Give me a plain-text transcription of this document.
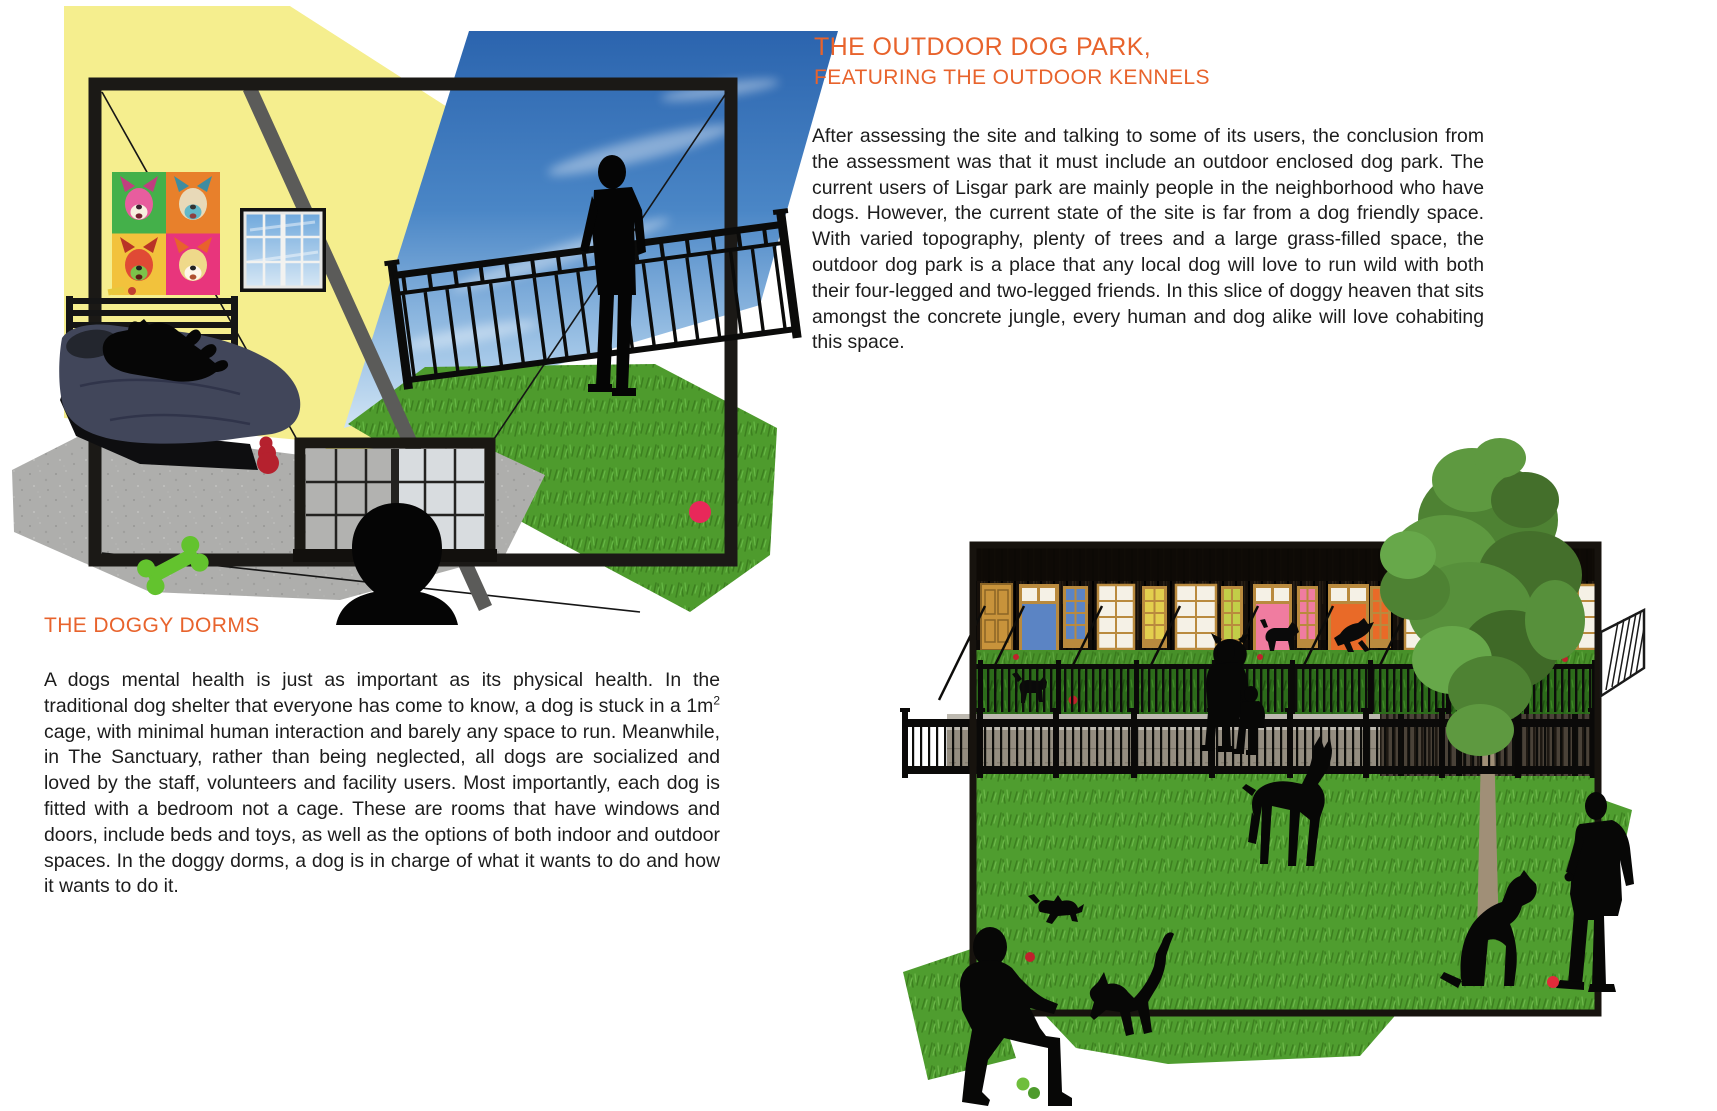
THE OUTDOOR DOG PARK,
FEATURING THE OUTDOOR KENNELS

After assessing the site and talking to some of its users, the conclusion from the assessment was that it must include an outdoor enclosed dog park. The current users of Lisgar park are mainly people in the neighborhood who have dogs. However, the current state of the site is far from a dog friendly space. With varied topography, plenty of trees and a large grass-filled space, the outdoor dog park is a place that any local dog will love to run wild with both their four-legged and two-legged friends. In this slice of doggy heaven that sits amongst the concrete jungle, every human and dog alike will love cohabiting this space.

THE DOGGY DORMS

A dogs mental health is just as important as its physical health. In the traditional dog shelter that everyone has come to know, a dog is stuck in a $1m^2$ cage, with minimal human interaction and barely any space to run. Meanwhile, in The Sanctuary, rather than being neglected, all dogs are socialized and loved by the staff, volunteers and facility users. Most importantly, each dog is fitted with a bedroom not a cage. These are rooms that have windows and doors, include beds and toys, as well as the options of both indoor and outdoor spaces. In the doggy dorms, a dog is in charge of what it wants to do and how it wants to do it.
